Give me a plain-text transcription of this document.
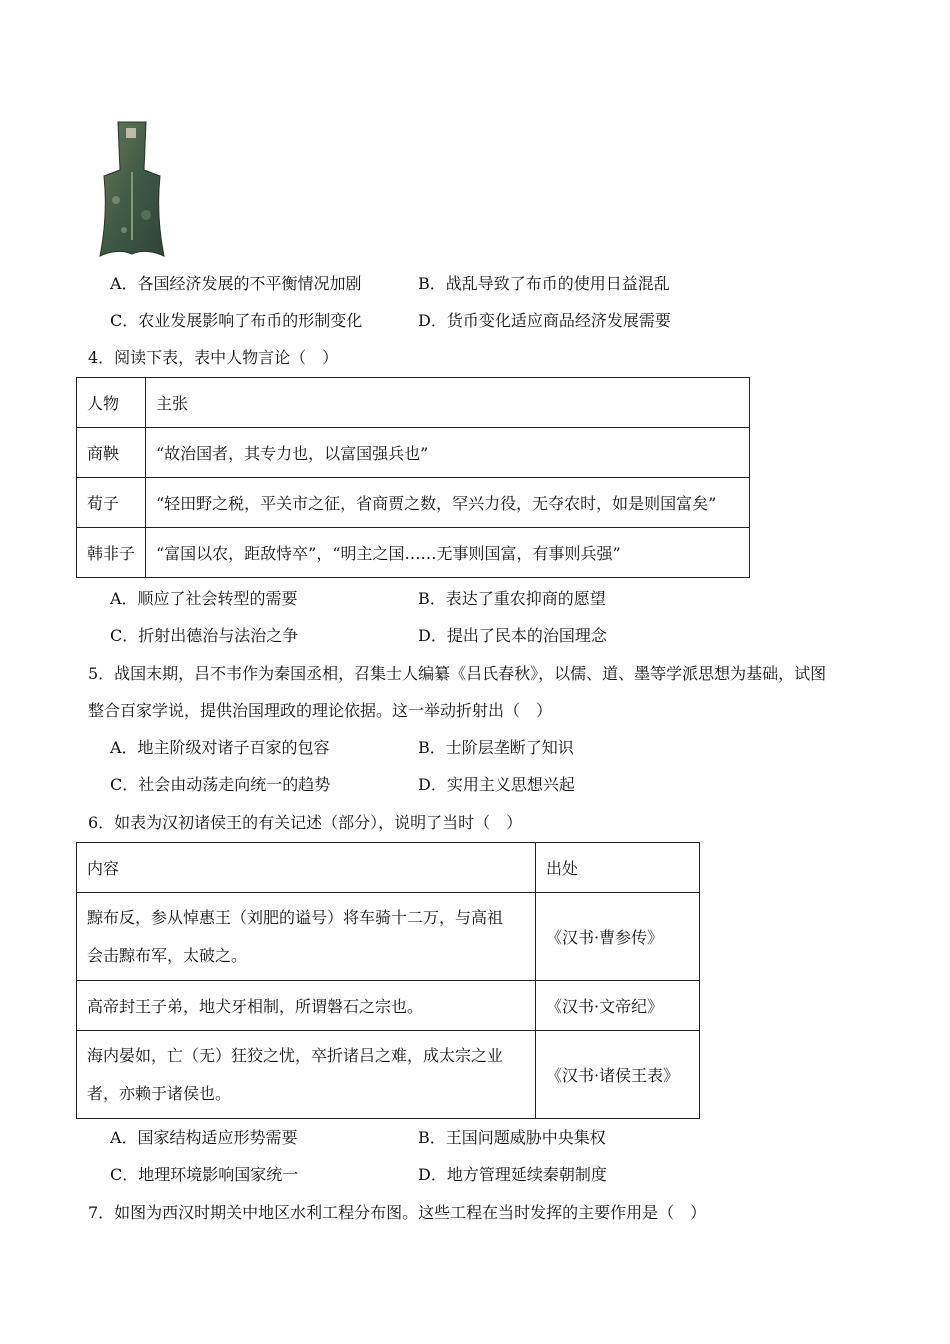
A．各国经济发展的不平衡情况加剧	B．战乱导致了布币的使用日益混乱
C．农业发展影响了布币的形制变化	D．货币变化适应商品经济发展需要
4．阅读下表，表中人物言论（　）
人物	主张
商鞅	“故治国者，其专力也，以富国强兵也”
荀子	“轻田野之税，平关市之征，省商贾之数，罕兴力役，无夺农时，如是则国富矣”
韩非子	“富国以农，距敌恃卒”，“明主之国……无事则国富，有事则兵强”
A．顺应了社会转型的需要	B．表达了重农抑商的愿望
C．折射出德治与法治之争	D．提出了民本的治国理念
5．战国末期，吕不韦作为秦国丞相，召集士人编纂《吕氏春秋》，以儒、道、墨等学派思想为基础，试图
整合百家学说，提供治国理政的理论依据。这一举动折射出（　）
A．地主阶级对诸子百家的包容	B．士阶层垄断了知识
C．社会由动荡走向统一的趋势	D．实用主义思想兴起
6．如表为汉初诸侯王的有关记述（部分），说明了当时（　）
内容	出处

黥布反，参从悼惠王（刘肥的谥号）将车骑十二万，与高祖
会击黥布军，太破之。	《汉书·曹参传》
高帝封王子弟，地犬牙相制，所谓磐石之宗也。	《汉书·文帝纪》

海内晏如，亡（无）狂狡之忧，卒折诸吕之难，成太宗之业
者，亦赖于诸侯也。	《汉书·诸侯王表》
A．国家结构适应形势需要	B．王国问题威胁中央集权
C．地理环境影响国家统一	D．地方管理延续秦朝制度
7．如图为西汉时期关中地区水利工程分布图。这些工程在当时发挥的主要作用是（　）
